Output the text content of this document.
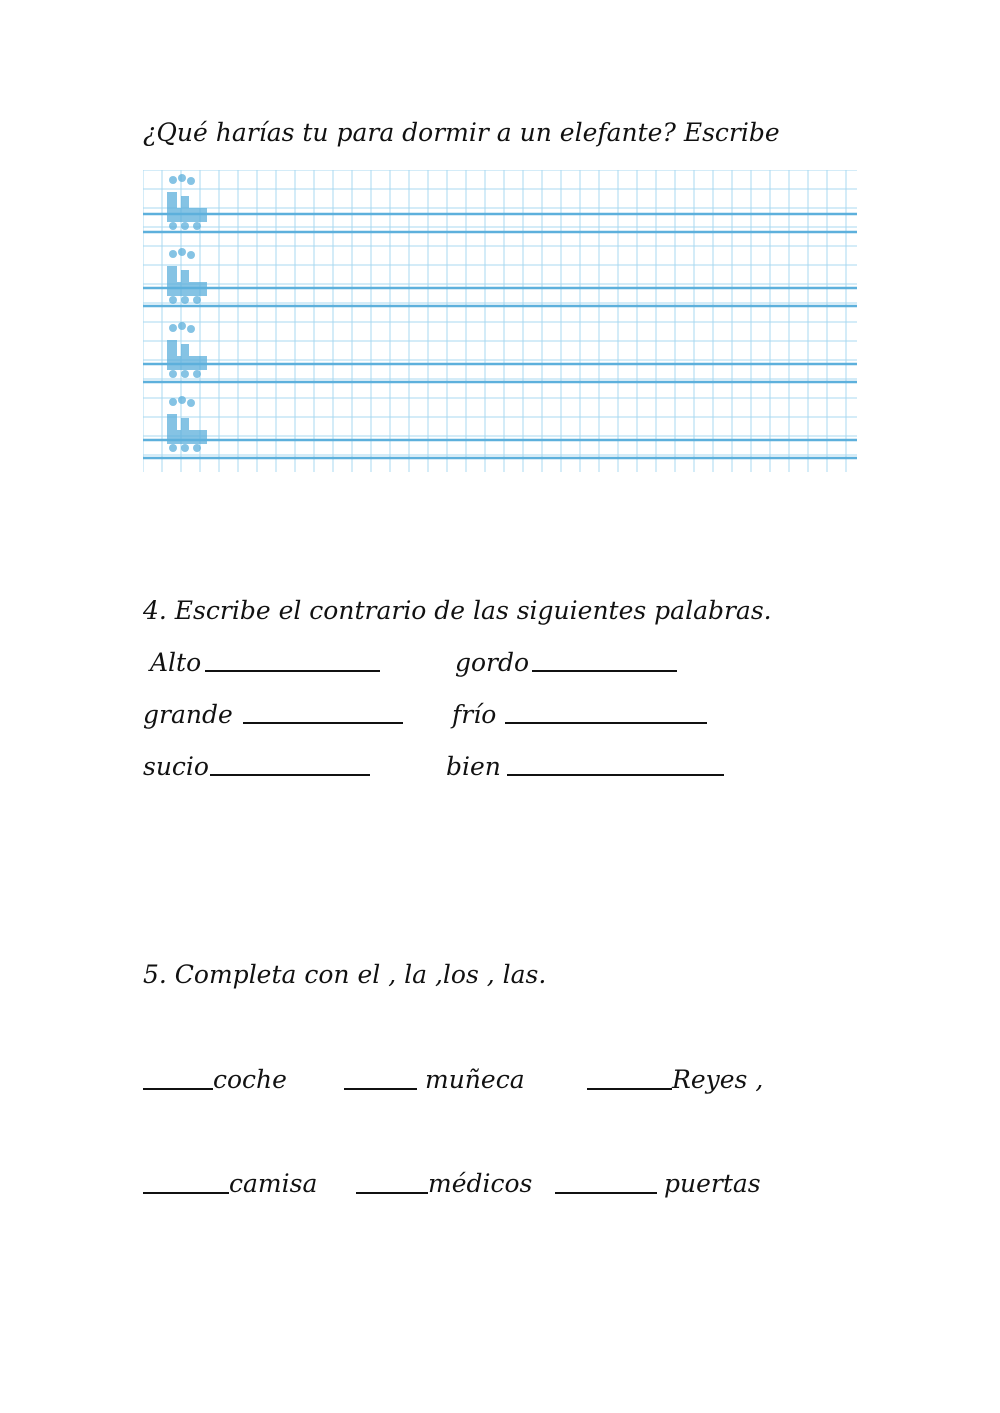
¿Qué harías tu para dormir a un elefante? Escribe
4. Escribe el contrario de las siguientes palabras.
Alto	gordo
grande	frío
sucio	bien
5. Completa con el , la ,los , las.
coche	muñeca	Reyes ,
camisa	médicos	puertas
